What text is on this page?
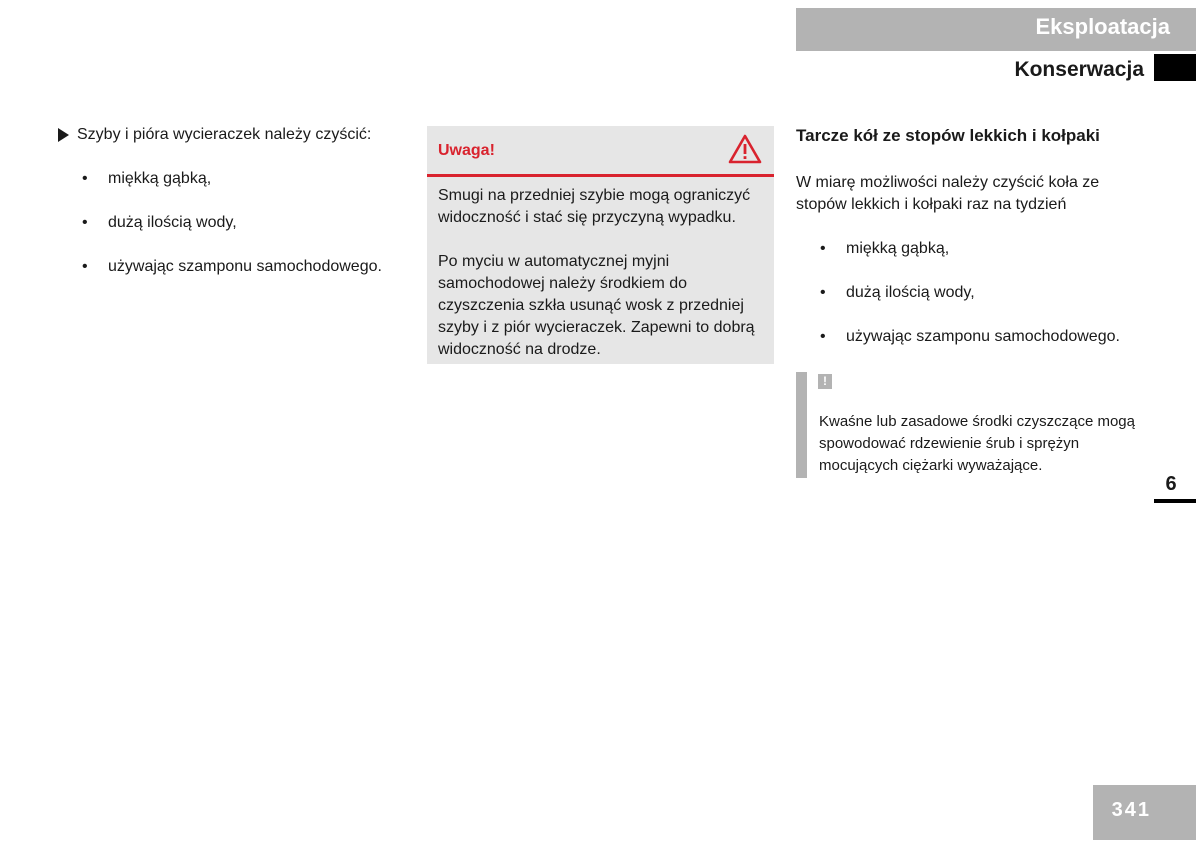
Eksploatacja
Konserwacja
Szyby i pióra wycieraczek należy czyścić:
• miękką gąbką,
• dużą ilością wody,
• używając szamponu samochodowego.
Uwaga!

Smugi na przedniej szybie mogą ograniczyć widoczność i stać się przyczyną wypadku.

Po myciu w automatycznej myjni samochodowej należy środkiem do czyszczenia szkła usunąć wosk z przedniej szyby i z piór wycieraczek. Zapewni to dobrą widoczność na drodze.

Tarcze kół ze stopów lekkich i kołpaki

W miarę możliwości należy czyścić koła ze stopów lekkich i kołpaki raz na tydzień

• miękką gąbką,
• dużą ilością wody,
• używając szamponu samochodowego.
!

Kwaśne lub zasadowe środki czyszczące mogą spowodować rdzewienie śrub i sprężyn mocujących ciężarki wyważające.

6
341
